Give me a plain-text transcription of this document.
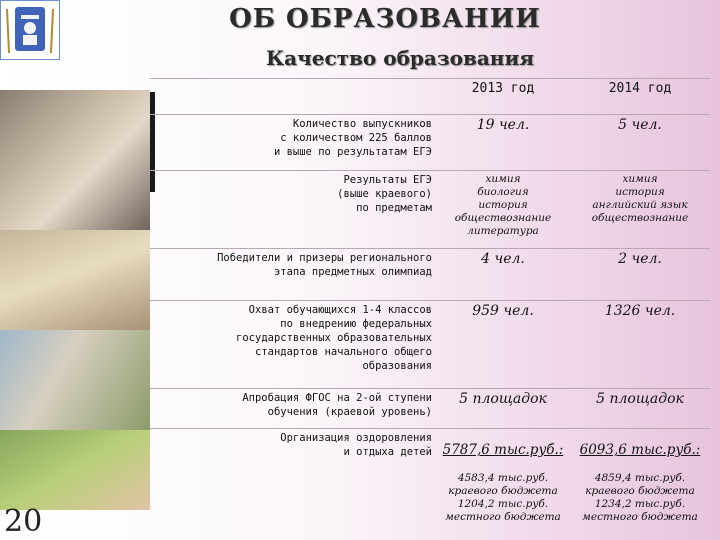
ОБ ОБРАЗОВАНИИ
Качество образования
	2013 год	2014 год
Количество выпускников
с количеством 225 баллов
и выше по результатам ЕГЭ	19 чел.	5 чел.
Результаты ЕГЭ
(выше краевого)
по предметам	химия
биология
история
обществознание
литература	химия
история
английский язык
обществознание
Победители и призеры регионального
этапа предметных олимпиад	4 чел.	2 чел.
Охват обучающихся 1-4 классов
по внедрению федеральных
государственных образовательных
стандартов начального общего
образования	959 чел.	1326 чел.
Апробация ФГОС на 2-ой ступени
обучения (краевой уровень)	5 площадок	5 площадок
Организация оздоровления
и отдыха детей	5787,6 тыс.руб.:

4583,4 тыс.руб.
краевого бюджета
1204,2 тыс.руб.
местного бюджета	6093,6 тыс.руб.:

4859,4 тыс.руб.
краевого бюджета
1234,2 тыс.руб.
местного бюджета

20
